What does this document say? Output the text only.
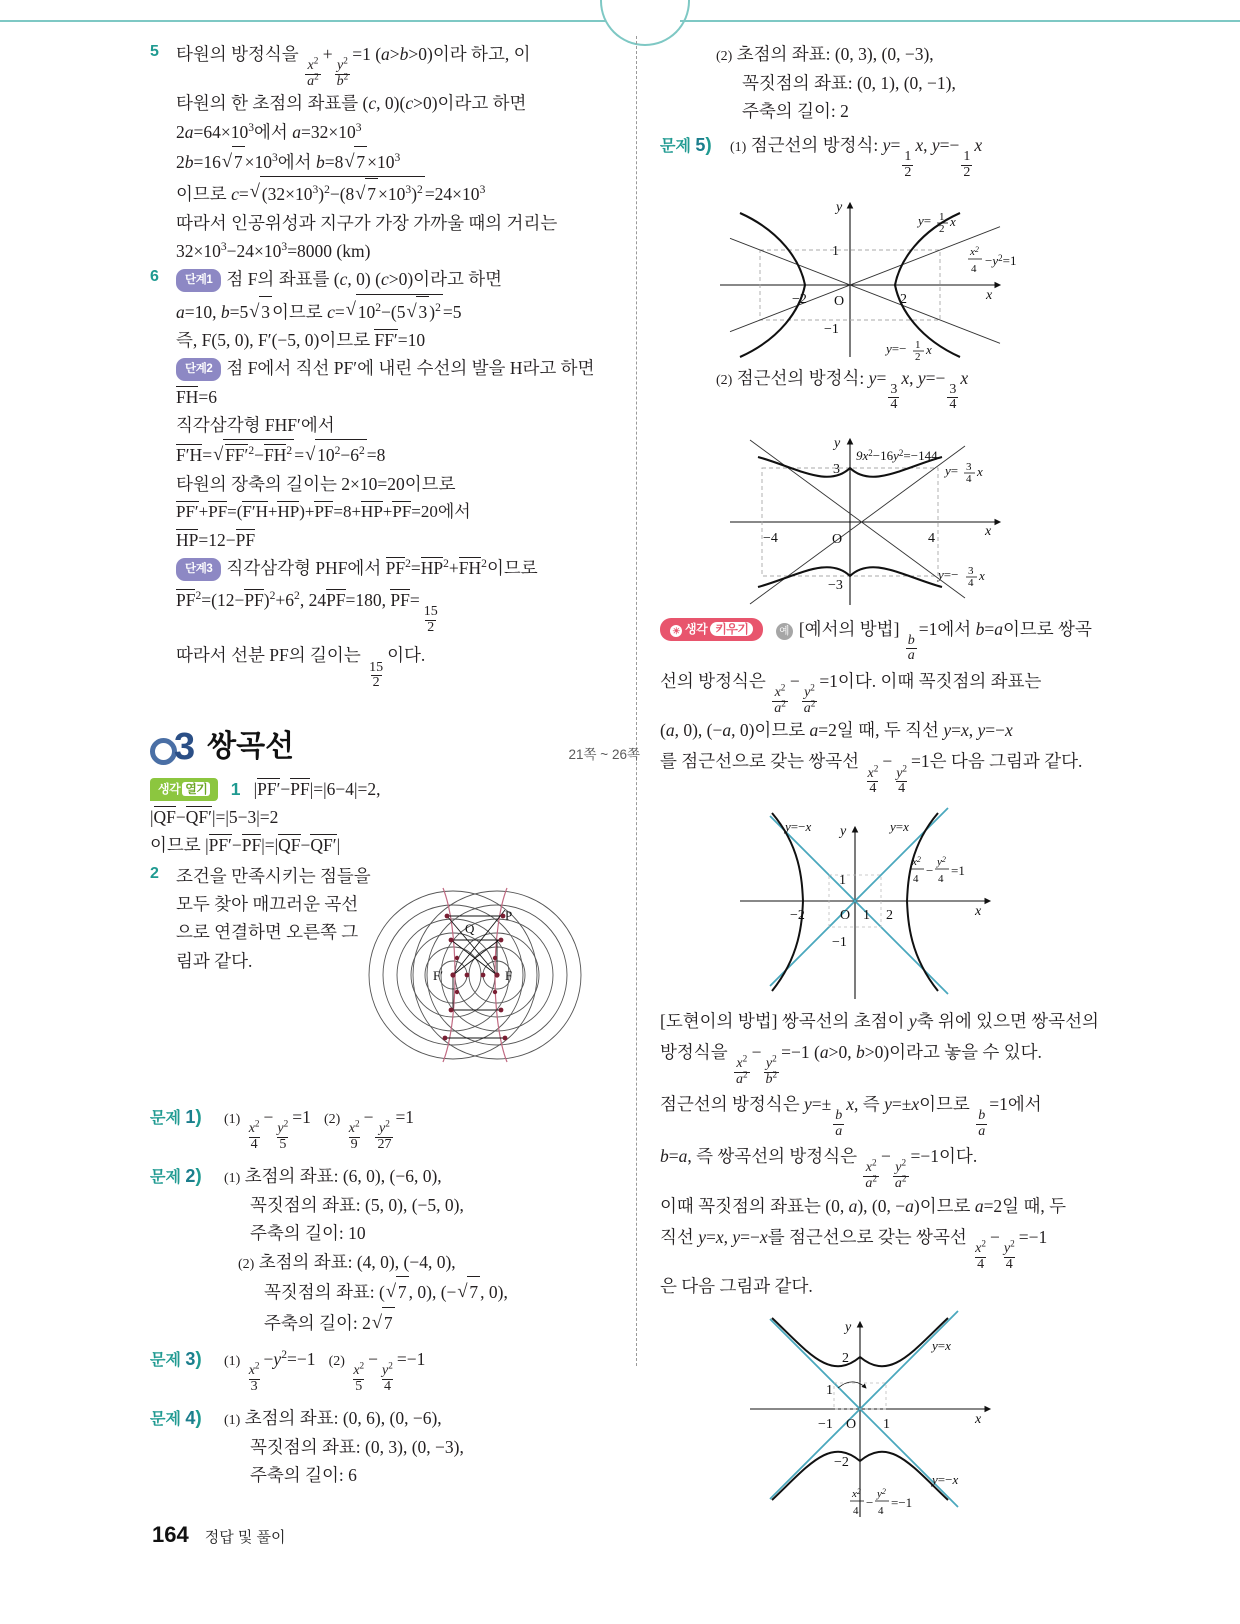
5 타원의 방정식을
$\frac{x^2}{a^2}$
+
$\frac{y^2}{b^2}$
=1 (a>b>0)이라 하고, 이
타원의 한 초점의 좌표를 (c, 0)(c>0)이라고 하면
$2a=64\times 10^3$에서 $a=32\times 10^3$
2b=16 √ $7 \times 10^3$에서 b=8 √ $7 \times 10^3$
이므로 c= √ $(32\times 10^3)^2-(8$ √ $7 \times 10^3)^2 =24\times 10^3$
따라서 인공위성과 지구가 가장 가까울 때의 거리는
$32\times 10^3-24\times 10^3=8000$ (km)
6	단계1 점 F의 좌표를 (c, 0) (c>0)이라고 하면
a=10, b=5 √ 3 이므로 c= √ $10^2-(5$ √ 3 )$^2$ =5
즉, F(5, 0), F′(−5, 0)이므로 FF′=10
단계2 점 F에서 직선 PF′에 내린 수선의 발을 H라고 하면
FH=6
직각삼각형 FHF′에서
F′H= √ $FF'^2-FH^2$ = √ $10^2-6^2 =8$
타원의 장축의 길이는 2×10=20이므로
PF′+PF=(F′H+HP)+PF=8+HP+PF=20에서
HP=12−PF
단계3 직각삼각형 PHF에서 $PF^2=HP^2+FH^2$이므로
$PF^2=(12-PF)^2+6^2$, 24PF=180, PF=
$\frac{15}{2}$
따라서 선분 PF의 길이는
$\frac{15}{2}$
이다.
3 쌍곡선	21쪽 ~ 26쪽
생각 열기 1   |PF′−PF|=|6−4|=2,
|QF−QF′|=|5−3|=2
이므로 |PF′−PF|=|QF−QF′|
2 조건을 만족시키는 점들을
모두 찾아 매끄러운 곡선
으로 연결하면 오른쪽 그
림과 같다.
Q
P
F′	F
문제 1)	(1)
$\frac{x^2}{4}$
−
$\frac{y^2}{5}$
=1   (2)
$\frac{x^2}{9}$
−
$\frac{y^2}{27}$
=1
문제 2)	(1) 초점의 좌표: (6, 0), (−6, 0),
꼭짓점의 좌표: (5, 0), (−5, 0),
주축의 길이: 10
(2) 초점의 좌표: (4, 0), (−4, 0),
꼭짓점의 좌표: ( √ 7 , 0), (− √ 7 , 0),
주축의 길이: 2 √ 7
문제 3)	(1)
$\frac{x^2}{3}$
$-y^2=-1$   (2)
$\frac{x^2}{5}$
−
$\frac{y^2}{4}$
=−1
문제 4)	(1) 초점의 좌표: (0, 6), (0, −6),
꼭짓점의 좌표: (0, 3), (0, −3),
주축의 길이: 6
(2) 초점의 좌표: (0, 3), (0, −3),
꼭짓점의 좌표: (0, 1), (0, −1),
주축의 길이: 2
문제 5)	(1) 점근선의 방정식: y=
$\frac{1}{2}$
x, y=−
$\frac{1}{2}$
x
−2	2
1
−1
O	x
y
y= 1
2 x
y=− 1
2 x
$x^2$
4
$-y^2=1$
(2) 점근선의 방정식: y=
$\frac{3}{4}$
x, y=−
$\frac{3}{4}$
x
−4	4
3
−3
O
x
y
$9x^2-16y^2=-144$
y= 3
4 x
y=− 3
4 x
☀ 생각 키우기	예 [예서의 방법]
$\frac{b}{a}$
=1에서 b=a이므로 쌍곡
선의 방정식은
$\frac{x^2}{a^2}$
−
$\frac{y^2}{a^2}$
=1이다. 이때 꼭짓점의 좌표는
(a, 0), (−a, 0)이므로 a=2일 때, 두 직선 y=x, y=−x
를 점근선으로 갖는 쌍곡선
$\frac{x^2}{4}$
−
$\frac{y^2}{4}$
=1은 다음 그림과 같다.
−2	1 2
1
−1
O	x
y
y=−x	y=x
$x^2$
4
−
$y^2$
4
=1
[도현이의 방법] 쌍곡선의 초점이 y축 위에 있으면 쌍곡선의
방정식을
$\frac{x^2}{a^2}$
−
$\frac{y^2}{b^2}$
=−1 (a>0, b>0)이라고 놓을 수 있다.
점근선의 방정식은 y=±
$\frac{b}{a}$
x, 즉 y=±x이므로
$\frac{b}{a}$
=1에서
b=a, 즉 쌍곡선의 방정식은
$\frac{x^2}{a^2}$
−
$\frac{y^2}{a^2}$
=−1이다.
이때 꼭짓점의 좌표는 (0, a), (0, −a)이므로 a=2일 때, 두
직선 y=x, y=−x를 점근선으로 갖는 쌍곡선
$\frac{x^2}{4}$
−
$\frac{y^2}{4}$
=−1
은 다음 그림과 같다.
−1	1
2
1
−2
O	x
y
y=x
y=−x
$x^2$
4
−
$y^2$
4
=−1
164 정답 및 풀이
